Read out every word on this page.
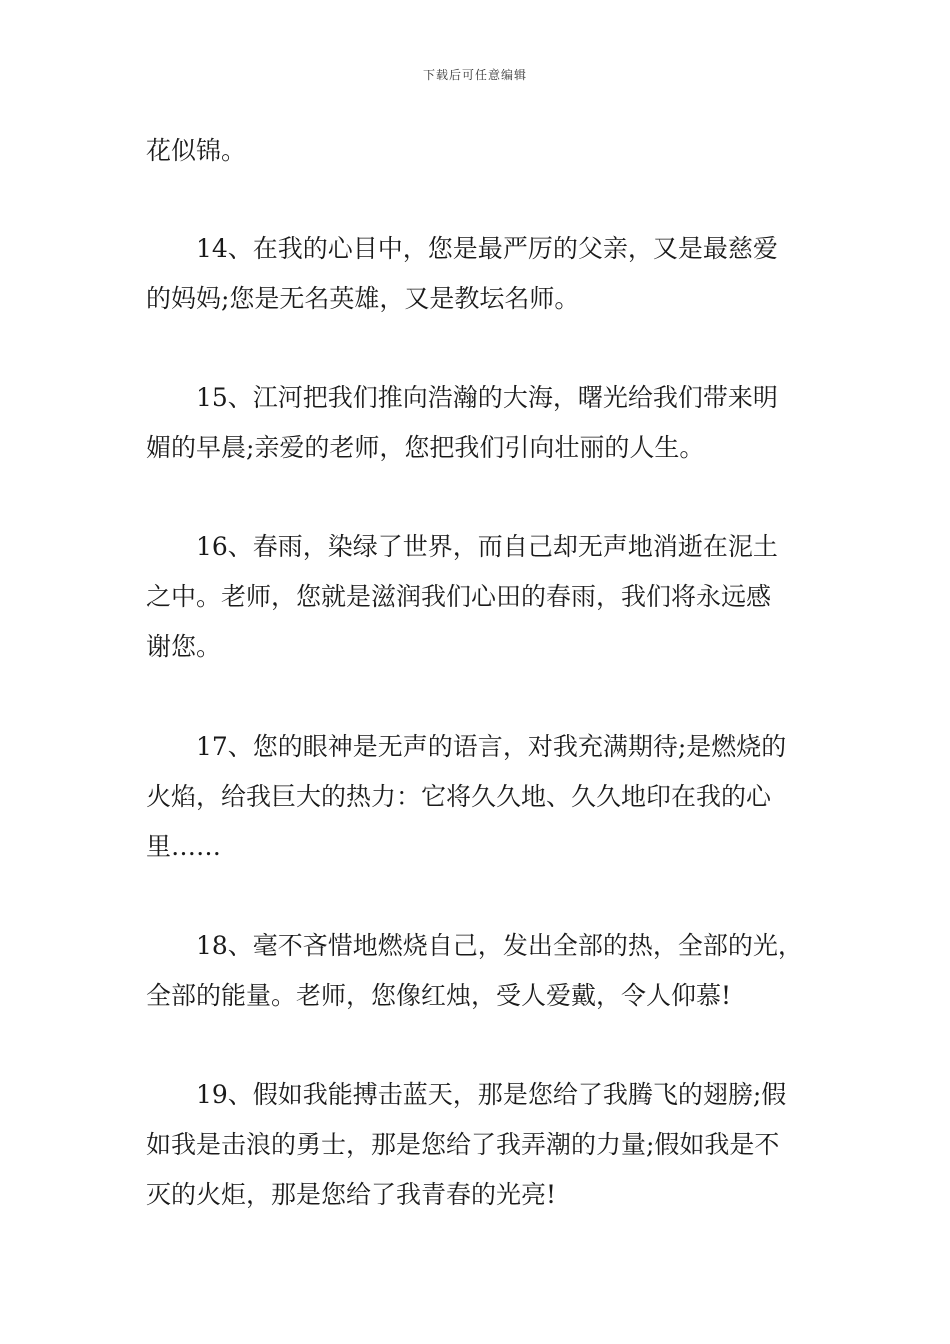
下载后可任意编辑
花似锦。
14、在我的心目中，您是最严厉的父亲，又是最慈爱
的妈妈;您是无名英雄，又是教坛名师。
15、江河把我们推向浩瀚的大海，曙光给我们带来明
媚的早晨;亲爱的老师，您把我们引向壮丽的人生。
16、春雨，染绿了世界，而自己却无声地消逝在泥土
之中。老师，您就是滋润我们心田的春雨，我们将永远感
谢您。
17、您的眼神是无声的语言，对我充满期待;是燃烧的
火焰，给我巨大的热力：它将久久地、久久地印在我的心
里……
18、毫不吝惜地燃烧自己，发出全部的热，全部的光，
全部的能量。老师，您像红烛，受人爱戴，令人仰慕!
19、假如我能搏击蓝天，那是您给了我腾飞的翅膀;假
如我是击浪的勇士，那是您给了我弄潮的力量;假如我是不
灭的火炬，那是您给了我青春的光亮!
